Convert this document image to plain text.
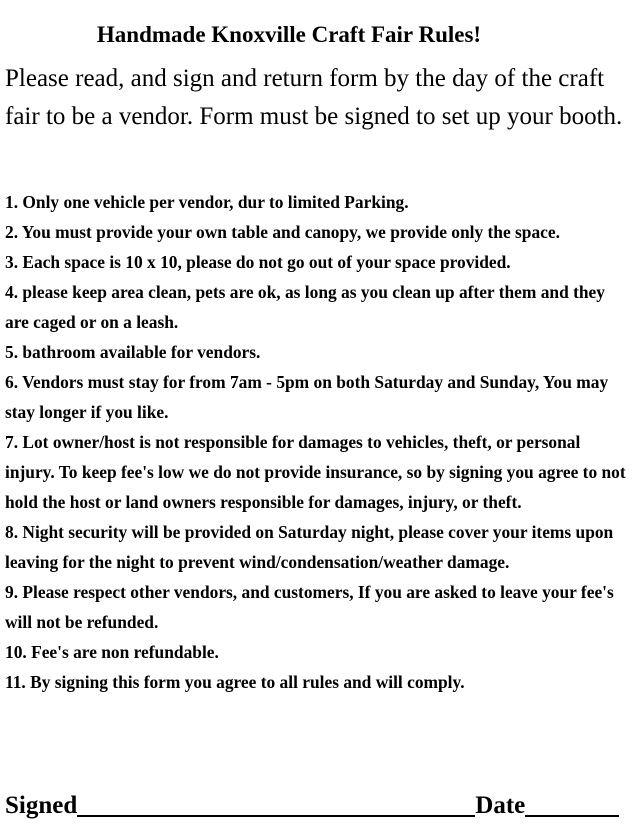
Handmade Knoxville Craft Fair Rules!
Please read, and sign and return form by the day of the craft fair to be a vendor. Form must be signed to set up your booth.
1. Only one vehicle per vendor, dur to limited Parking.
2. You must provide your own table and canopy, we provide only the space.
3. Each space is 10 x 10, please do not go out of your space provided.
4. please keep area clean, pets are ok, as long as you clean up after them and they are caged or on a leash.
5. bathroom available for vendors.
6. Vendors must stay for from 7am - 5pm on both Saturday and Sunday, You may stay longer if you like.
7. Lot owner/host is not responsible for damages to vehicles, theft, or personal injury. To keep fee's low we do not provide insurance, so by signing you agree to not hold the host or land owners responsible for damages, injury, or theft.
8. Night security will be provided on Saturday night, please cover your items upon leaving for the night to prevent wind/condensation/weather damage.
9. Please respect other vendors, and customers, If you are asked to leave your fee's will not be refunded.
10. Fee's are non refundable.
11. By signing this form you agree to all rules and will comply.
Signed	Date
